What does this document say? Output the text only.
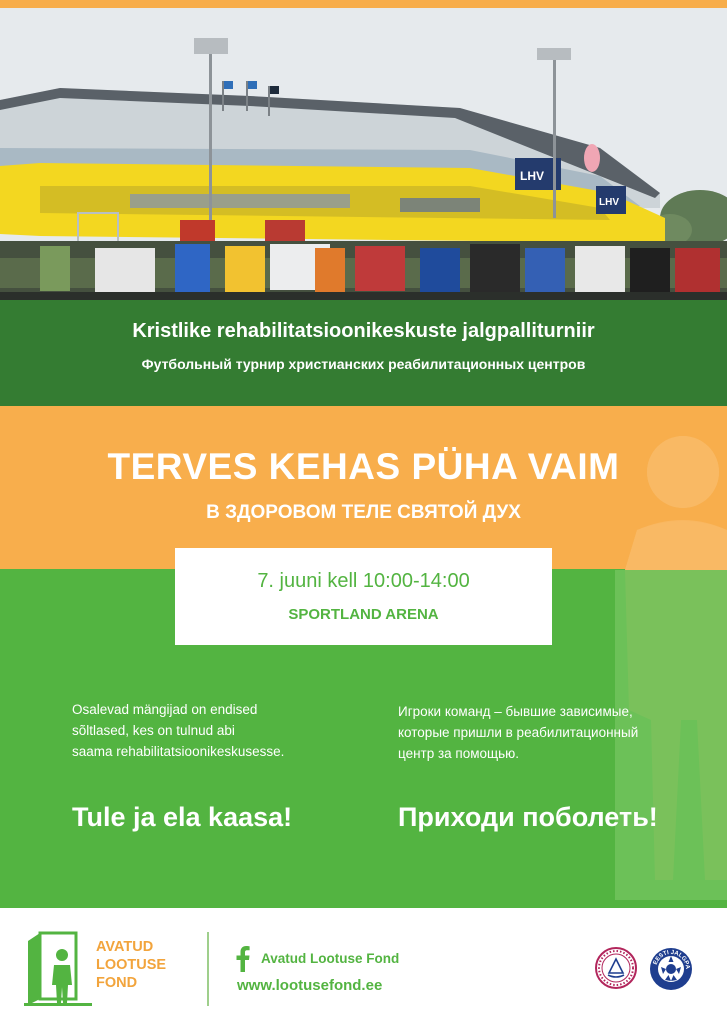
LHV
LHV
Kristlike rehabilitatsioonikeskuste jalgpalliturniir
Футбольный турнир христианских реабилитационных центров
TERVES KEHAS PÜHA VAIM
В ЗДОРОВОМ ТЕЛЕ СВЯТОЙ ДУХ
7. juuni kell 10:00-14:00
SPORTLAND ARENA
Osalevad mängijad on endised
sõltlased, kes on tulnud abi
saama rehabilitatsioonikeskusesse.
Игроки команд – бывшие зависимые,
которые пришли в реабилитационный
центр за помощью.
Tule ja ela kaasa!	Приходи поболеть!
AVATUD
LOOTUSE
FOND
Avatud Lootuse Fond
www.lootusefond.ee
EESTI JALGPA
